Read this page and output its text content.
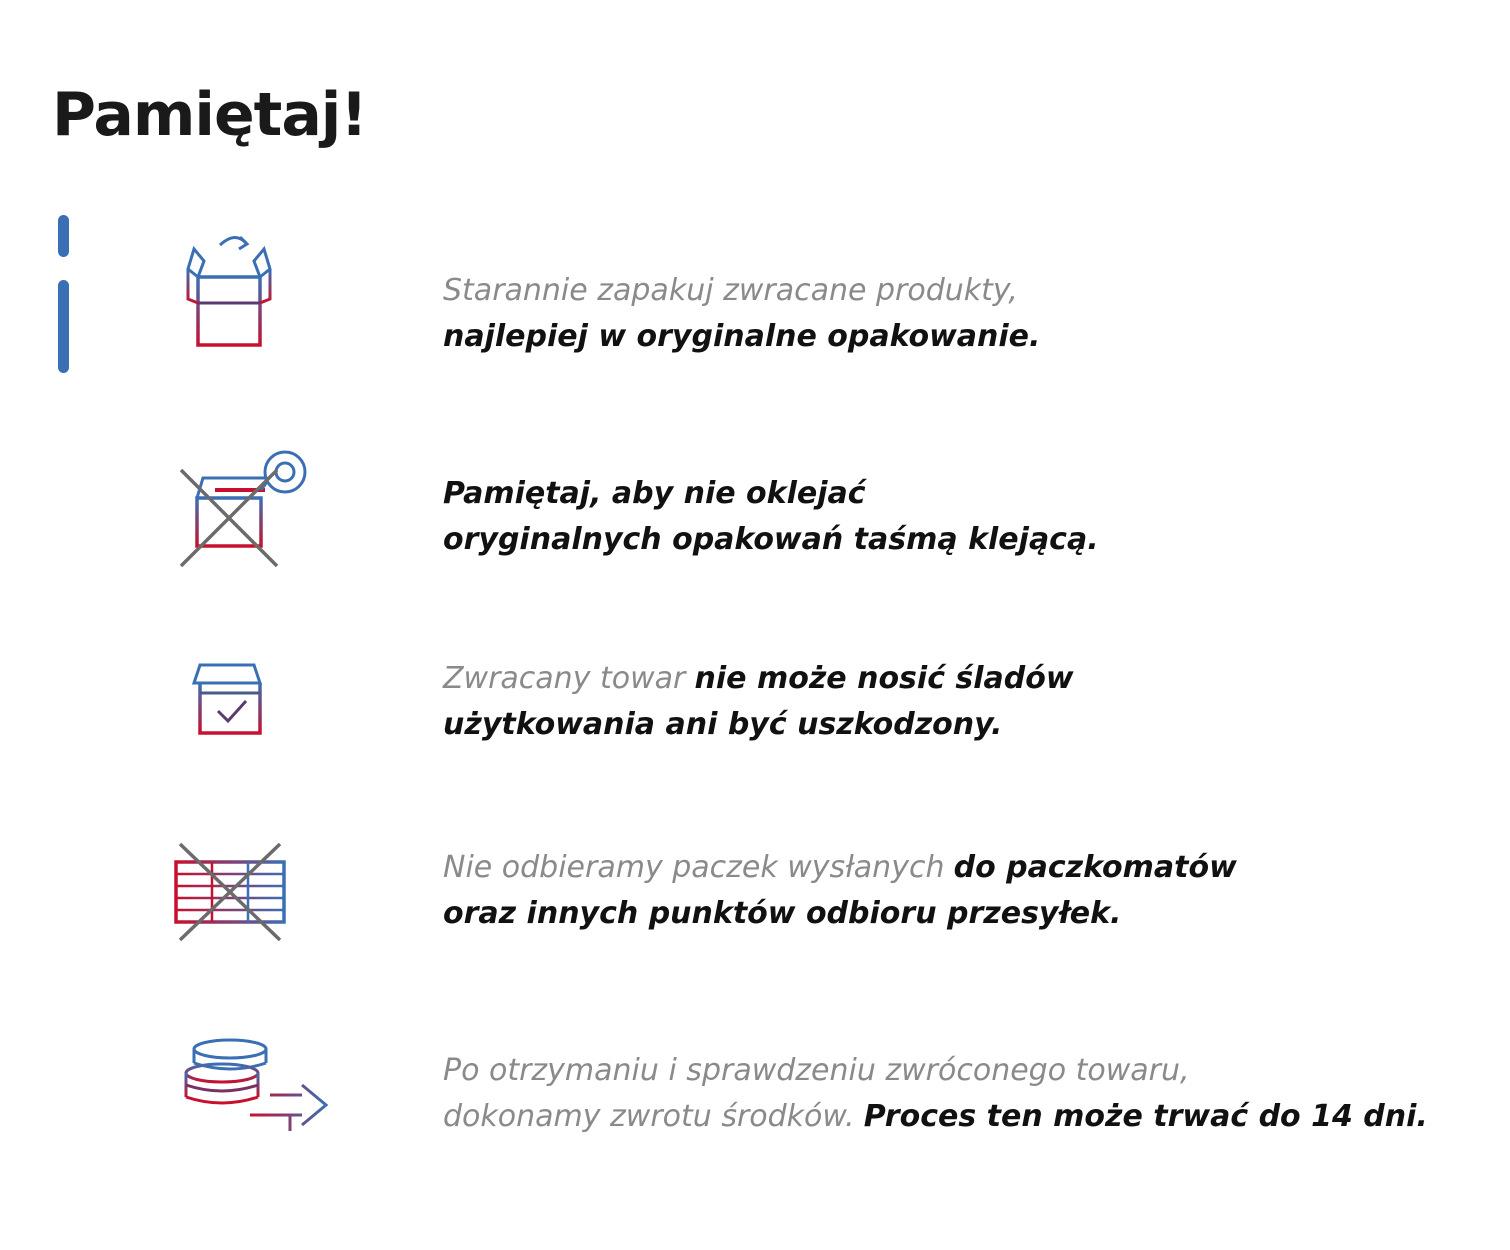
Pamiętaj!
Starannie zapakuj zwracane produkty,
najlepiej w oryginalne opakowanie.
Pamiętaj, aby nie oklejać
oryginalnych opakowań taśmą klejącą.
Zwracany towar nie może nosić śladów
użytkowania ani być uszkodzony.
Nie odbieramy paczek wysłanych do paczkomatów
oraz innych punktów odbioru przesyłek.
Po otrzymaniu i sprawdzeniu zwróconego towaru,
dokonamy zwrotu środków. Proces ten może trwać do 14 dni.
